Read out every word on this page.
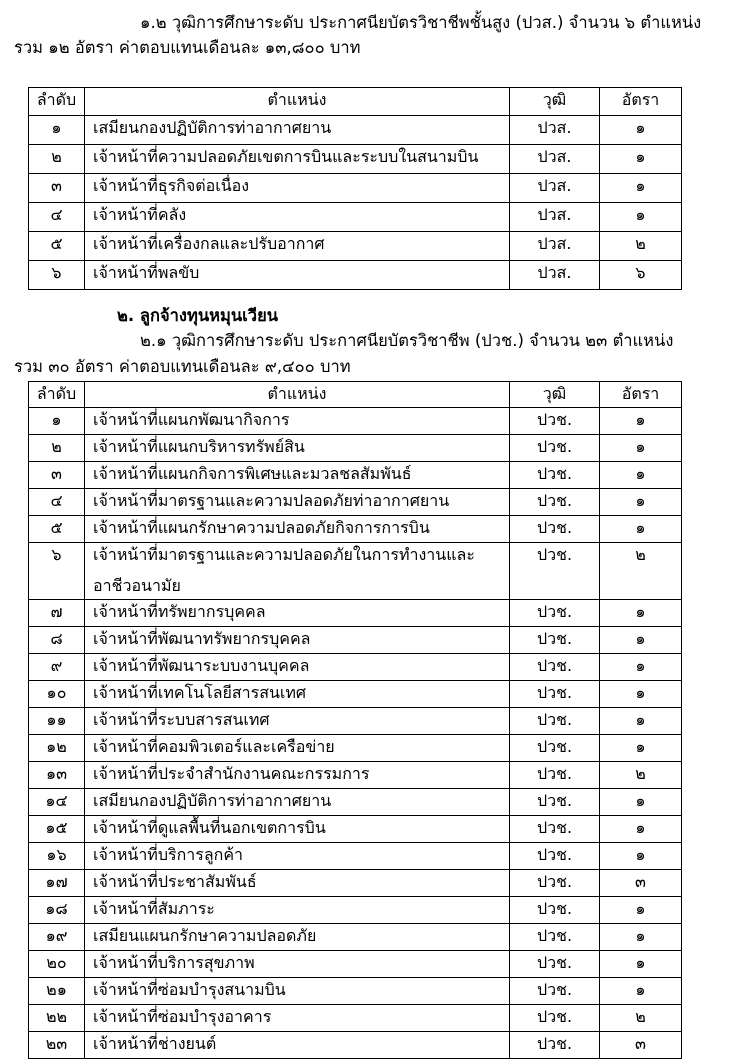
๑.๒ วุฒิการศึกษาระดับ ประกาศนียบัตรวิชาชีพชั้นสูง (ปวส.) จำนวน ๖ ตำแหน่ง
รวม ๑๒ อัตรา ค่าตอบแทนเดือนละ ๑๓,๘๐๐ บาท
ลำดับ	ตำแหน่ง	วุฒิ	อัตรา
๑	เสมียนกองปฏิบัติการท่าอากาศยาน	ปวส.	๑
๒	เจ้าหน้าที่ความปลอดภัยเขตการบินและระบบในสนามบิน	ปวส.	๑
๓	เจ้าหน้าที่ธุรกิจต่อเนื่อง	ปวส.	๑
๔	เจ้าหน้าที่คลัง	ปวส.	๑
๕	เจ้าหน้าที่เครื่องกลและปรับอากาศ	ปวส.	๒
๖	เจ้าหน้าที่พลขับ	ปวส.	๖
๒. ลูกจ้างทุนหมุนเวียน
๒.๑ วุฒิการศึกษาระดับ ประกาศนียบัตรวิชาชีพ (ปวช.) จำนวน ๒๓ ตำแหน่ง
รวม ๓๐ อัตรา ค่าตอบแทนเดือนละ ๙,๔๐๐ บาท
ลำดับ	ตำแหน่ง	วุฒิ	อัตรา
๑	เจ้าหน้าที่แผนกพัฒนากิจการ	ปวช.	๑
๒	เจ้าหน้าที่แผนกบริหารทรัพย์สิน	ปวช.	๑
๓	เจ้าหน้าที่แผนกกิจการพิเศษและมวลชลสัมพันธ์	ปวช.	๑
๔	เจ้าหน้าที่มาตรฐานและความปลอดภัยท่าอากาศยาน	ปวช.	๑
๕	เจ้าหน้าที่แผนกรักษาความปลอดภัยกิจการการบิน	ปวช.	๑
๖	เจ้าหน้าที่มาตรฐานและความปลอดภัยในการทำงานและ
อาชีวอนามัย	ปวช.	๒
๗	เจ้าหน้าที่ทรัพยากรบุคคล	ปวช.	๑
๘	เจ้าหน้าที่พัฒนาทรัพยากรบุคคล	ปวช.	๑
๙	เจ้าหน้าที่พัฒนาระบบงานบุคคล	ปวช.	๑
๑๐	เจ้าหน้าที่เทคโนโลยีสารสนเทศ	ปวช.	๑
๑๑	เจ้าหน้าที่ระบบสารสนเทศ	ปวช.	๑
๑๒	เจ้าหน้าที่คอมพิวเตอร์และเครือข่าย	ปวช.	๑
๑๓	เจ้าหน้าที่ประจำสำนักงานคณะกรรมการ	ปวช.	๒
๑๔	เสมียนกองปฏิบัติการท่าอากาศยาน	ปวช.	๑
๑๕	เจ้าหน้าที่ดูแลพื้นที่นอกเขตการบิน	ปวช.	๑
๑๖	เจ้าหน้าที่บริการลูกค้า	ปวช.	๑
๑๗	เจ้าหน้าที่ประชาสัมพันธ์	ปวช.	๓
๑๘	เจ้าหน้าที่สัมภาระ	ปวช.	๑
๑๙	เสมียนแผนกรักษาความปลอดภัย	ปวช.	๑
๒๐	เจ้าหน้าที่บริการสุขภาพ	ปวช.	๑
๒๑	เจ้าหน้าที่ซ่อมบำรุงสนามบิน	ปวช.	๑
๒๒	เจ้าหน้าที่ซ่อมบำรุงอาคาร	ปวช.	๒
๒๓	เจ้าหน้าที่ช่างยนต์	ปวช.	๓
